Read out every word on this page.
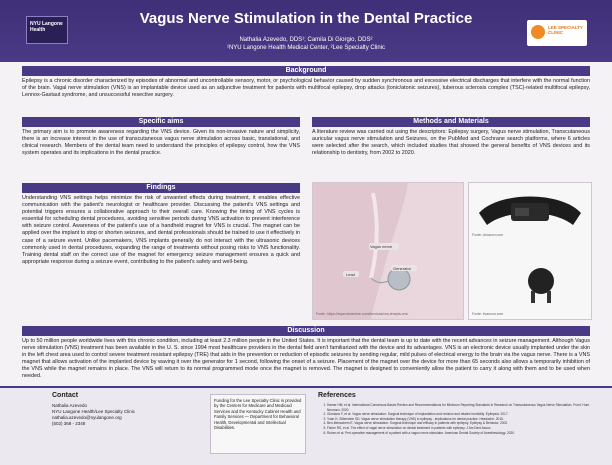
NYU Langone Health
Vagus Nerve Stimulation in the Dental Practice
Nathalia Azevedo, DDS¹; Camila Di Giorgio, DDS²
¹NYU Langone Health Medical Center, ²Lee Specialty Clinic
LEE SPECIALTY CLINIC
Background
Epilepsy is a chronic disorder characterized by episodes of abnormal and uncontrollable sensory, motor, or psychological behavior caused by sudden synchronous and excessive electrical discharges that interfere with the normal function of the brain. Vagal nerve stimulation (VNS) is an implantable device used as an adjunctive treatment for patients with multifocal epilepsy, drop attacks (tonic/atonic seizures), tuberous sclerosis complex (TSC)-related multifocal epilepsy, Lennox-Gastaut syndrome, and unsuccessful resective surgery.
Specific aims
The primary aim is to promote awareness regarding the VNS device. Given its non-invasive nature and simplicity, there is an increase interest in the use of transcutaneous vagus nerve stimulation across basic, translational, and clinical research. Members of the dental team need to understand the principles of epilepsy control, how the VNS system operates and its implications in the dental practice.
Methods and Materials
A literature review was carried out using the descriptors: Epilepsy surgery, Vagus nerve stimulation, Transcutaneous auricular vagus nerve stimulation and Seizures, on the PubMed and Cochrane search platforms, where 6 articles were selected after the search, which included studies that showed the general benefits of VNS devices and its relationship to dentistry, from 2002 to 2020.
Findings
Understanding VNS settings helps minimize the risk of unwanted effects during treatment, it enables effective communication with the patient's neurologist or healthcare provider. Discussing the patient's VNS settings and potential triggers ensures a collaborative approach to their overall care. Knowing the timing of VNS cycles is essential for scheduling dental procedures, avoiding sensitive periods during VNS activation to prevent interference with seizure control. Awareness of the patient's use of a handheld magnet for VNS is crucial. The magnet can be applied over the implant to stop or shorten seizures, and dental professionals should be trained to use it effectively in case of a seizure event. Unlike pacemakers, VNS implants generally do not interact with the ultrasonic devices commonly used in dental procedures, expanding the range of treatments without posing risks to VNS functionality. Training dental staff on the correct use of the magnet for emergency seizure management ensures a quick and appropriate response during a seizure event, contributing to the patient's safety and well-being.
Vagus nerve
Lead
Generator
Fonte: https://aspectonecrise.com/tecnicas/vns-terapia-vns/
Fonte: Amazon.com
Fonte: livanova.com
Discussion
Up to 50 million people worldwide lives with this chronic condition, including at least 2.3 million people in the United States. It is important that the dental team is up to date with the recent advances in seizure management. Although Vagus nerve stimulation (VNS) treatment has been available in the U. S. since 1994 most healthcare providers in the dental field aren't familiarized with the device and its advantages. VNS is an electronic device usually implanted under the skin in the left chest area used to control severe treatment resistant epilepsy (TRE) that aids in the prevention or reduction of episodic seizures by sending regular, mild pulses of electrical energy to the brain via the vagus nerve. There is a VNS magnet that allows activation of the implanted device by waving it over the generator for 1 second, following the onset of a seizure. Placement of the magnet over the device for more than 65 seconds also allows a temporarily inhibition of the VNS while the magnet remains in place. The VNS will return to its normal programmed mode once the magnet is removed. The magnet is designed to conveniently allow the patient to carry it along with them and to be used when needed.
Contact
Nathalia Azevedo
NYU Langone Health/Lee Specialty Clinic
nathalia.azevedo@nyulangone.org
(502) 368 - 2348
Funding for the Lee Specialty Clinic is provided by the Centers for Medicare and Medicaid Services and the Kentucky Cabinet Health and Family Services — Department for Behavioral Health, Developmental and Intellectual Disabilities.
References
1. Hamer HM, et al. International Consensus Based Review and Recommendations for Minimum Reporting Standards in Research on Transcutaneous Vagus Nerve Stimulation. Front. Hum. Neurosci. 2020.
2. Giordano F, et al. Vagus nerve stimulation: Surgical technique of implantation and revision and related morbidity. Epilepsia. 2017.
3. Yuan H, Silberstein SD. Vagus nerve stimulation therapy (VNS) in epilepsy - implications for dental practice. Headache. 2016.
4. Ben-Menachem E. Vagus nerve stimulation: Surgical technique and efficacy in patients with epilepsy. Epilepsy & Behavior. 2002.
5. Fisher RS, et al. The effect of vagal nerve stimulation on dental treatment in patients with epilepsy. J Am Dent Assoc.
6. Ruben et al. Peri-operative management of a patient with a vagus nerve stimulator. American Dental Society of Anesthesiology. 2020.
